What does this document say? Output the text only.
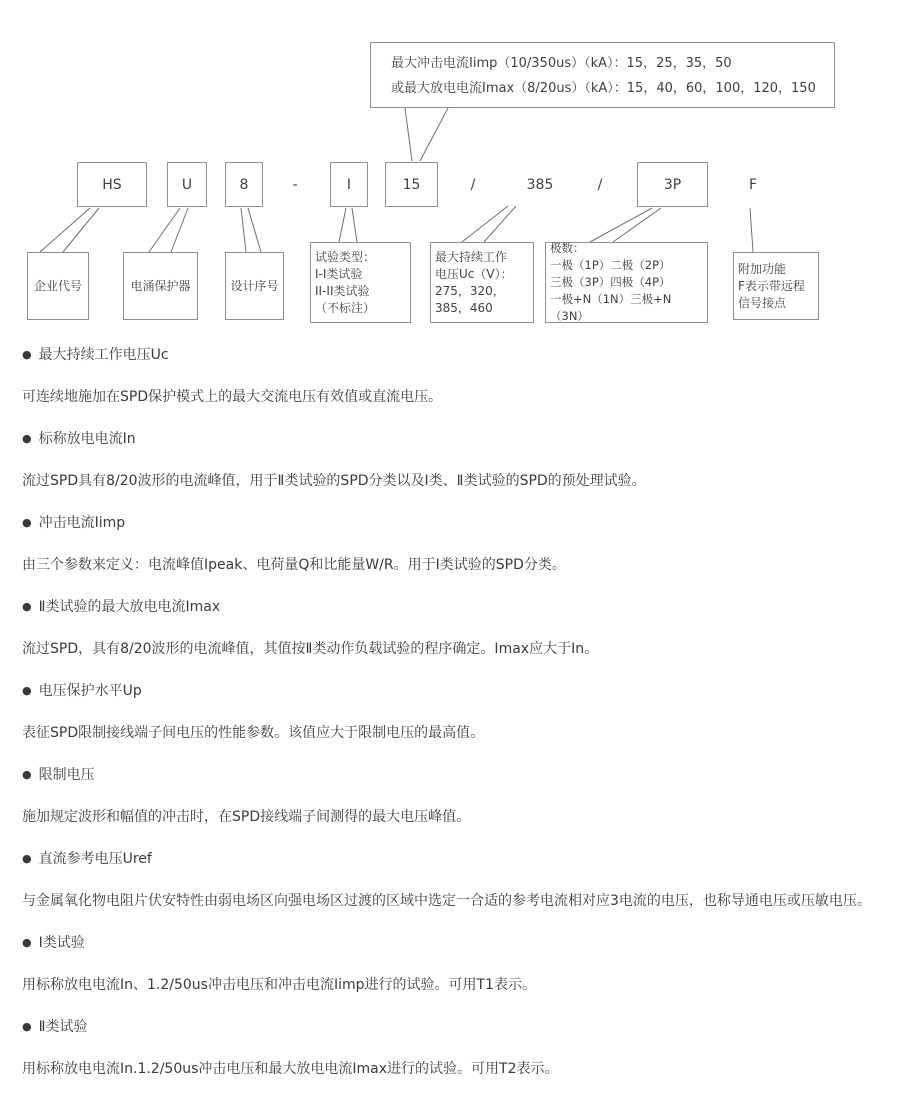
最大冲击电流Iimp（10/350us）（kA）：15，25，35，50
或最大放电电流Imax（8/20us）（kA）：15，40，60，100，120，150
HS	U	8	-	I	15	/	385	/	3P	F
企业代号	电涌保护器	设计序号
试验类型：
I-I类试验
II-II类试验
（不标注）
最大持续工作
电压Uc（V）：
275，320，
385，460
极数：
一极（1P）二极（2P）
三极（3P）四极（4P）
一极+N（1N）三极+N（3N）
附加功能
F表示带远程
信号接点
● 最大持续工作电压Uc
可连续地施加在SPD保护模式上的最大交流电压有效值或直流电压。
● 标称放电电流In
流过SPD具有8/20波形的电流峰值，用于Ⅱ类试验的SPD分类以及Ⅰ类、Ⅱ类试验的SPD的预处理试验。
● 冲击电流Iimp
由三个参数来定义：电流峰值Ipeak、电荷量Q和比能量W/R。用于Ⅰ类试验的SPD分类。
● Ⅱ类试验的最大放电电流Imax
流过SPD，具有8/20波形的电流峰值，其值按Ⅱ类动作负载试验的程序确定。Imax应大于In。
● 电压保护水平Up
表征SPD限制接线端子间电压的性能参数。该值应大于限制电压的最高值。
● 限制电压
施加规定波形和幅值的冲击时，在SPD接线端子间测得的最大电压峰值。
● 直流参考电压Uref
与金属氧化物电阻片伏安特性由弱电场区向强电场区过渡的区域中选定一合适的参考电流相对应3电流的电压，也称导通电压或压敏电压。
● Ⅰ类试验
用标称放电电流In、1.2/50us冲击电压和冲击电流Iimp进行的试验。可用T1表示。
● Ⅱ类试验
用标称放电电流In.1.2/50us冲击电压和最大放电电流Imax进行的试验。可用T2表示。
